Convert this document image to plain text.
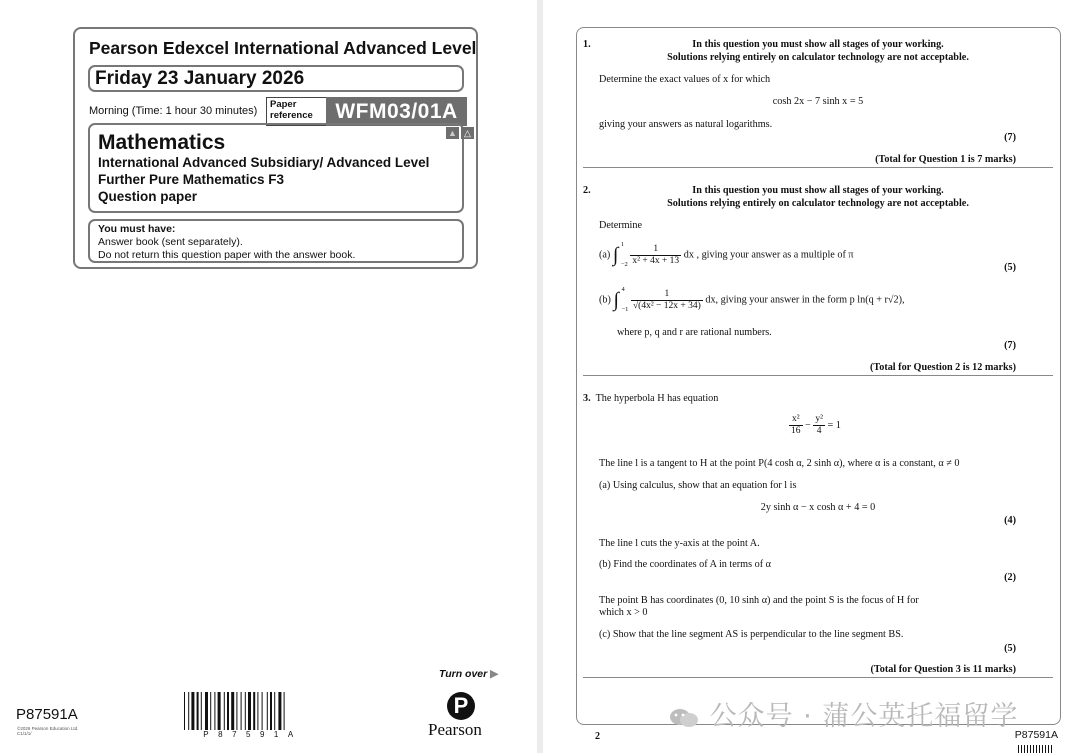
Pearson Edexcel International Advanced Level
Friday 23 January 2026
Morning (Time: 1 hour 30 minutes)
Paper
reference	WFM03/01A
Mathematics
International Advanced Subsidiary/ Advanced Level
Further Pure Mathematics F3
Question paper
▲ △
You must have:
Answer book (sent separately).
Do not return this question paper with the answer book.
Turn over ▶
P87591A
©2026 Pearson Education Ltd.
C1/1/1/	P87591A
P
Pearson
1.	In this question you must show all stages of your working.
Solutions relying entirely on calculator technology are not acceptable.
Determine the exact values of x for which
cosh 2x − 7 sinh x = 5
giving your answers as natural logarithms.
(7)
(Total for Question 1 is 7 marks)
2.	In this question you must show all stages of your working.
Solutions relying entirely on calculator technology are not acceptable.
Determine
(a) ∫ 1

$-2 \frac{1}{\text{x² + 4x + 13}}$ dx , giving your answer as a multiple of π
(5)
(b) ∫ 4

$-1 \frac{1}{\text{√(4x² − 12x + 34)}}$ dx, giving your answer in the form p ln(q + r√2),
where p, q and r are rational numbers.
(7)
(Total for Question 2 is 12 marks)
3. The hyperbola H has equation
$\frac{\text{x²}}{16} - \frac{\text{y²}}{4} = 1$
The line l is a tangent to H at the point P(4 cosh α, 2 sinh α), where α is a constant, α ≠ 0
(a) Using calculus, show that an equation for l is
2y sinh α − x cosh α + 4 = 0
(4)
The line l cuts the y-axis at the point A.
(b) Find the coordinates of A in terms of α
(2)
The point B has coordinates (0, 10 sinh α) and the point S is the focus of H for
which x > 0
(c) Show that the line segment AS is perpendicular to the line segment BS.
(5)
(Total for Question 3 is 11 marks)
公众号 · 蒲公英托福留学
2	P87591A
